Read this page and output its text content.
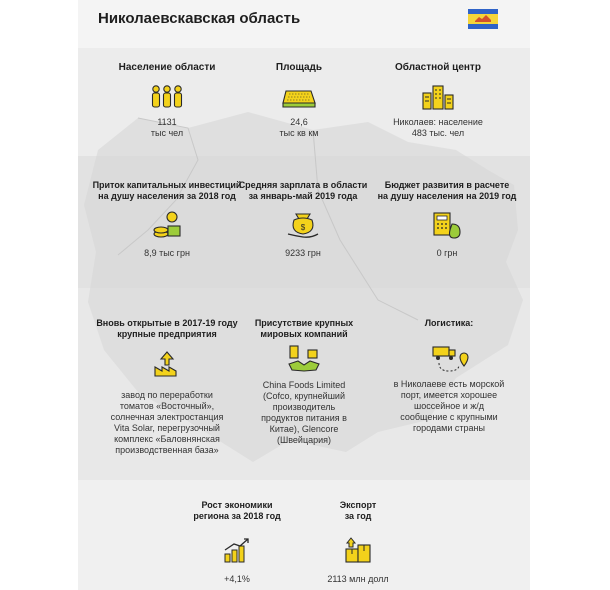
Николаевскавская область
Население области
1131
тыс чел
Площадь
24,6
тыс кв км
Областной центр
Николаев: население
483 тыс. чел
Приток капитальных инвестиций
на душу населения за 2018 год
8,9 тыс грн
Средняя зарплата в области
за январь-май 2019 года
$
9233 грн
Бюджет развития в расчете
на душу населения на 2019 год
0 грн
Вновь открытые в 2017-19 году
крупные предприятия
завод по переработки
томатов «Восточный»,
солнечная электростанция
Vita Solar, перегрузочный
комплекс «Баловнянская
производственная база»
Присутствие крупных
мировых компаний
China Foods Limited
(Cofco, крупнейший
производитель
продуктов питания в
Китае), Glencore
(Швейцария)
Логистика:
в Николаеве есть морской
порт, имеется хорошее
шоссейное и ж/д
сообщение с крупными
городами страны
Рост экономики
региона за 2018 год
+4,1%
Экспорт
за год
2113 млн долл
